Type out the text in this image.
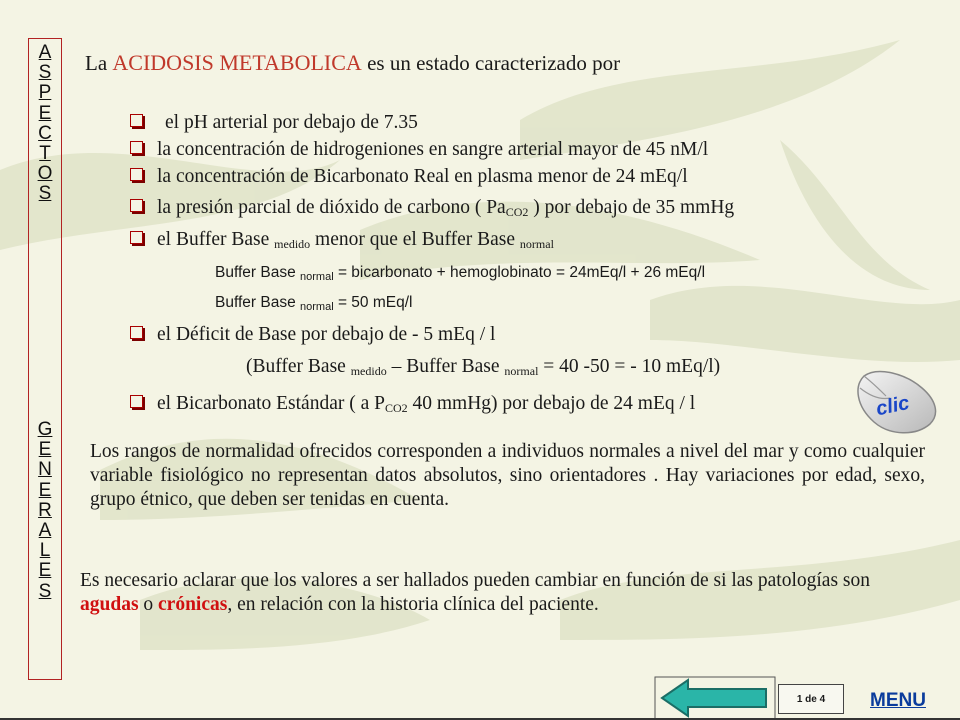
A
S
P
E
C
T
O
S
G
E
N
E
R
A
L
E
S
La ACIDOSIS METABOLICA es un estado caracterizado por
el pH arterial por debajo de 7.35
la concentración de hidrogeniones en sangre arterial mayor de 45 nM/l
la concentración de Bicarbonato Real en plasma menor de 24 mEq/l
la presión parcial de dióxido de carbono ( $Pa_{CO2}$ ) por debajo de 35 mmHg
el Buffer Base $_{medido}$ menor que el Buffer Base $_{normal}$
Buffer Base $_{normal}$ = bicarbonato + hemoglobinato = 24mEq/l + 26 mEq/l
Buffer Base $_{normal}$ = 50 mEq/l
el Déficit de Base por debajo de - 5 mEq / l
(Buffer Base $_{medido}$ – Buffer Base $_{normal}$ = 40 -50 = - 10 mEq/l)
el Bicarbonato Estándar ( a $P_{CO2}$ 40 mmHg) por debajo de 24 mEq / l	clic
Los rangos de normalidad ofrecidos corresponden a individuos normales a nivel del mar y como cualquier variable fisiológico no representan datos absolutos, sino orientadores . Hay variaciones por edad, sexo, grupo étnico, que deben ser tenidas en cuenta.
Es necesario aclarar que los valores a ser hallados pueden cambiar en función de si las patologías son agudas o crónicas, en relación con la historia clínica del paciente.
1 de 4	MENU
